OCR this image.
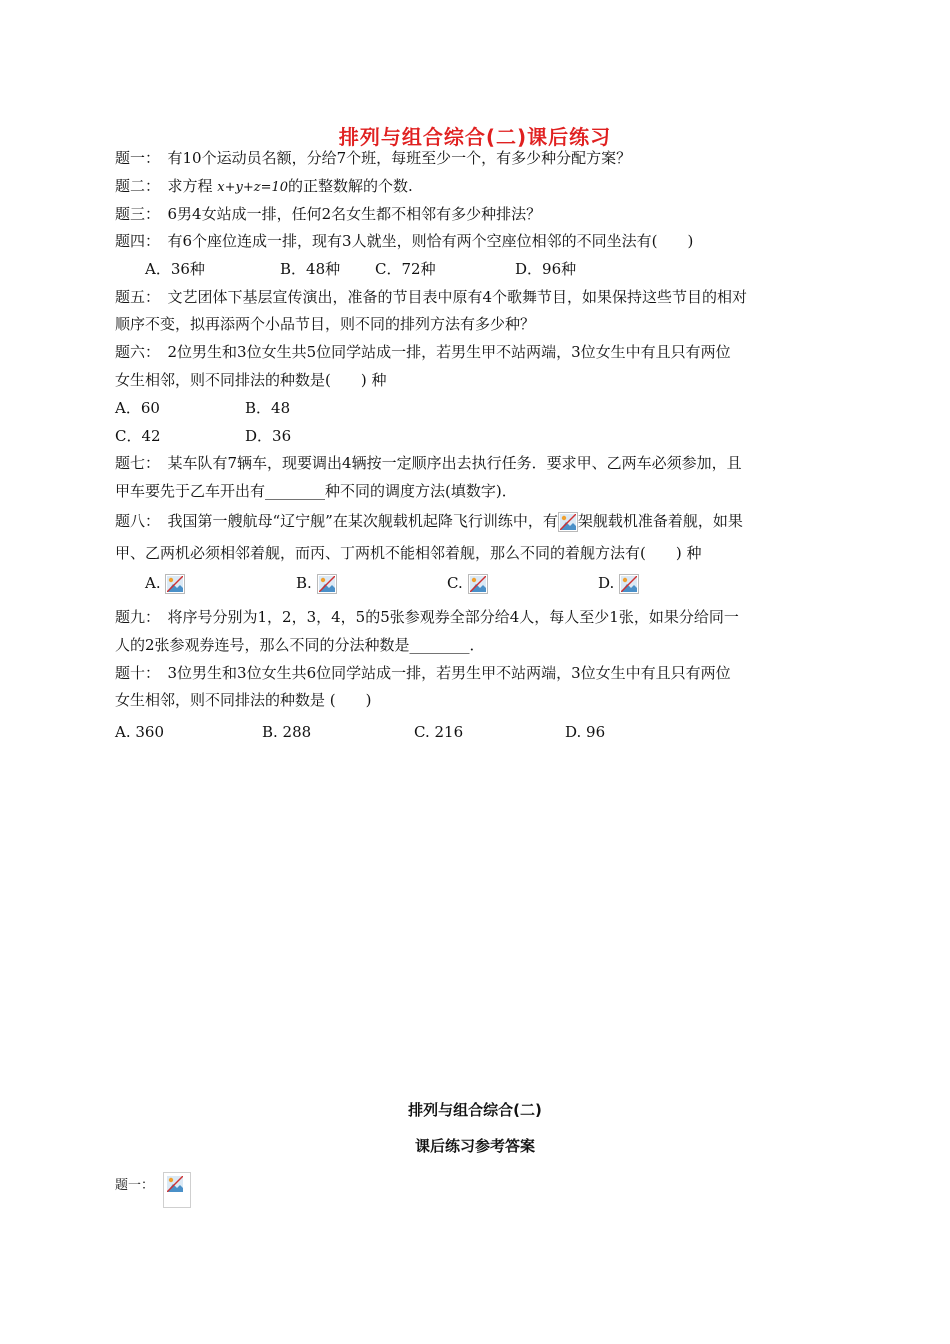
排列与组合综合(二)课后练习
题一：　有10个运动员名额，分给7个班，每班至少一个，有多少种分配方案？
题二：　求方程 x+y+z=10的正整数解的个数.
题三：　6男4女站成一排，任何2名女生都不相邻有多少种排法？
题四：　有6个座位连成一排，现有3人就坐，则恰有两个空座位相邻的不同坐法有(　　)
A．36种	B．48种 C．72种	D．96种
题五：　文艺团体下基层宣传演出，准备的节目表中原有4个歌舞节目，如果保持这些节目的相对
顺序不变，拟再添两个小品节目，则不同的排列方法有多少种？
题六：　2位男生和3位女生共5位同学站成一排，若男生甲不站两端，3位女生中有且只有两位
女生相邻，则不同排法的种数是(　　) 种
A．60	B．48
C．42	D．36
题七：　某车队有7辆车，现要调出4辆按一定顺序出去执行任务．要求甲、乙两车必须参加，且
甲车要先于乙车开出有________种不同的调度方法(填数字)．
题八：　我国第一艘航母“辽宁舰”在某次舰载机起降飞行训练中，有 架舰载机准备着舰，如果
甲、乙两机必须相邻着舰，而丙、丁两机不能相邻着舰，那么不同的着舰方法有(　　) 种
A.	B.	C.	D.
题九：　将序号分别为1，2，3，4，5的5张参观券全部分给4人，每人至少1张，如果分给同一
人的2张参观券连号，那么不同的分法种数是________．
题十：　3位男生和3位女生共6位同学站成一排，若男生甲不站两端，3位女生中有且只有两位
女生相邻，则不同排法的种数是 (　　)
A. 360	B. 288	C. 216	D. 96
排列与组合综合(二)
课后练习参考答案
题一：
